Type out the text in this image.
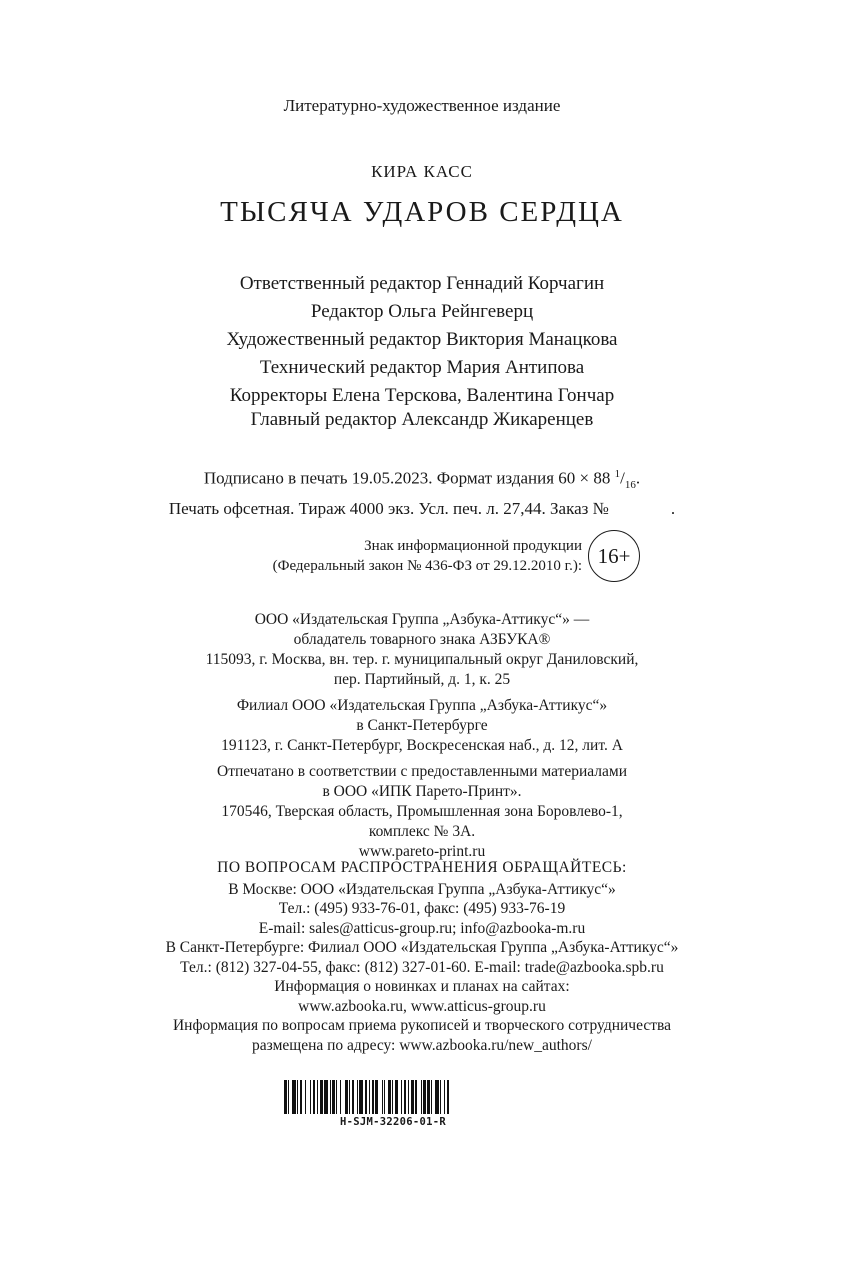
Литературно-художественное издание
КИРА КАСС
ТЫСЯЧА УДАРОВ СЕРДЦА
Ответственный редактор Геннадий Корчагин
Редактор Ольга Рейнгеверц
Художественный редактор Виктория Манацкова
Технический редактор Мария Антипова
Корректоры Елена Терскова, Валентина Гончар
Главный редактор Александр Жикаренцев
Подписано в печать 19.05.2023. Формат издания 60 × 88 $^1/_{16}$.
Печать офсетная. Тираж 4000 экз. Усл. печ. л. 27,44. Заказ №	.
Знак информационной продукции
(Федеральный закон № 436-ФЗ от 29.12.2010 г.): 16+
ООО «Издательская Группа „Азбука-Аттикус“» —
обладатель товарного знака АЗБУКА®
115093, г. Москва, вн. тер. г. муниципальный округ Даниловский,
пер. Партийный, д. 1, к. 25
Филиал ООО «Издательская Группа „Азбука-Аттикус“»
в Санкт-Петербурге
191123, г. Санкт-Петербург, Воскресенская наб., д. 12, лит. А
Отпечатано в соответствии с предоставленными материалами
в ООО «ИПК Парето-Принт».
170546, Тверская область, Промышленная зона Боровлево-1,
комплекс № 3А.
www.pareto-print.ru
ПО ВОПРОСАМ РАСПРОСТРАНЕНИЯ ОБРАЩАЙТЕСЬ:
В Москве: ООО «Издательская Группа „Азбука-Аттикус“»
Тел.: (495) 933-76-01, факс: (495) 933-76-19
E-mail: sales@atticus-group.ru; info@azbooka-m.ru
В Санкт-Петербурге: Филиал ООО «Издательская Группа „Азбука-Аттикус“»
Тел.: (812) 327-04-55, факс: (812) 327-01-60. E-mail: trade@azbooka.spb.ru
Информация о новинках и планах на сайтах:
www.azbooka.ru, www.atticus-group.ru
Информация по вопросам приема рукописей и творческого сотрудничества
размещена по адресу: www.azbooka.ru/new_authors/
H-SJM-32206-01-R
